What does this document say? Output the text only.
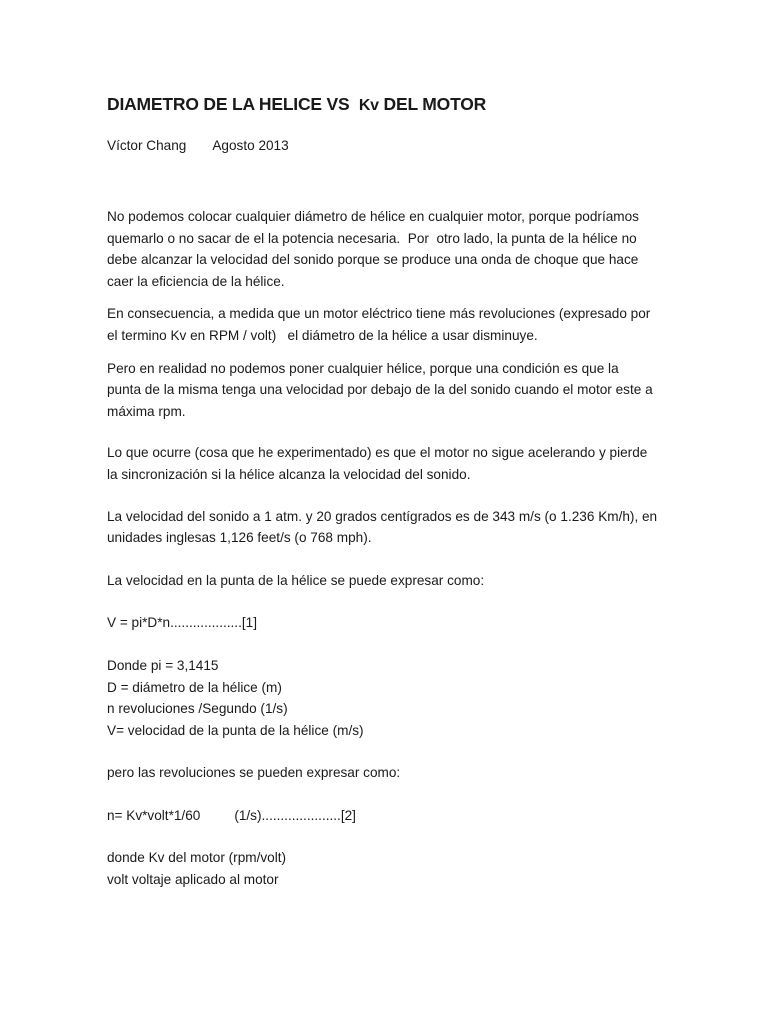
DIAMETRO DE LA HELICE VS  Kv DEL MOTOR
Víctor Chang Agosto 2013

No podemos colocar cualquier diámetro de hélice en cualquier motor, porque podríamos
quemarlo o no sacar de el la potencia necesaria.  Por  otro lado, la punta de la hélice no
debe alcanzar la velocidad del sonido porque se produce una onda de choque que hace
caer la eficiencia de la hélice.

En consecuencia, a medida que un motor eléctrico tiene más revoluciones (expresado por
el termino Kv en RPM / volt)   el diámetro de la hélice a usar disminuye.

Pero en realidad no podemos poner cualquier hélice, porque una condición es que la
punta de la misma tenga una velocidad por debajo de la del sonido cuando el motor este a
máxima rpm.

Lo que ocurre (cosa que he experimentado) es que el motor no sigue acelerando y pierde
la sincronización si la hélice alcanza la velocidad del sonido.

La velocidad del sonido a 1 atm. y 20 grados centígrados es de 343 m/s (o 1.236 Km/h), en
unidades inglesas 1,126 feet/s (o 768 mph).

La velocidad en la punta de la hélice se puede expresar como:

V = pi*D*n...................[1]

Donde pi = 3,1415
D = diámetro de la hélice (m)
n revoluciones /Segundo (1/s)
V= velocidad de la punta de la hélice (m/s)

pero las revoluciones se pueden expresar como:

n= Kv*volt*1/60         (1/s).....................[2]

donde Kv del motor (rpm/volt)
volt voltaje aplicado al motor
